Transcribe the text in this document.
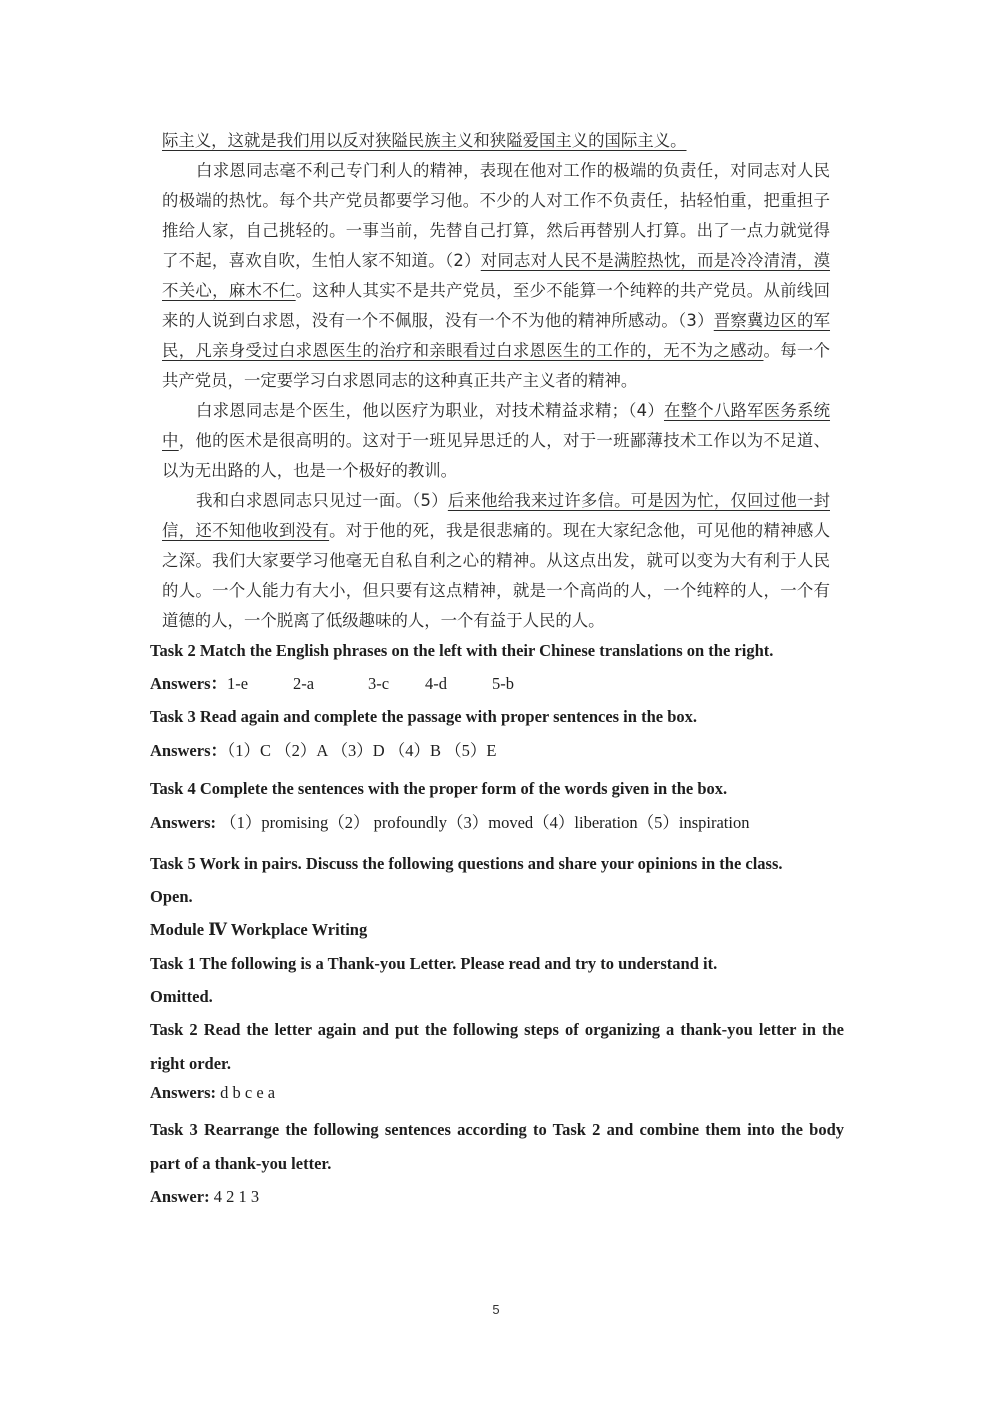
际主义，这就是我们用以反对狭隘民族主义和狭隘爱国主义的国际主义。

白求恩同志毫不利己专门利人的精神，表现在他对工作的极端的负责任，对同志对人民的极端的热忱。每个共产党员都要学习他。不少的人对工作不负责任，拈轻怕重，把重担子推给人家，自己挑轻的。一事当前，先替自己打算，然后再替别人打算。出了一点力就觉得了不起，喜欢自吹，生怕人家不知道。（2）对同志对人民不是满腔热忱，而是冷冷清清，漠不关心，麻木不仁。这种人其实不是共产党员，至少不能算一个纯粹的共产党员。从前线回来的人说到白求恩，没有一个不佩服，没有一个不为他的精神所感动。（3）晋察冀边区的军民，凡亲身受过白求恩医生的治疗和亲眼看过白求恩医生的工作的，无不为之感动。每一个共产党员，一定要学习白求恩同志的这种真正共产主义者的精神。

白求恩同志是个医生，他以医疗为职业，对技术精益求精；（4）在整个八路军医务系统中，他的医术是很高明的。这对于一班见异思迁的人，对于一班鄙薄技术工作以为不足道、以为无出路的人，也是一个极好的教训。

我和白求恩同志只见过一面。（5）后来他给我来过许多信。可是因为忙，仅回过他一封信，还不知他收到没有。对于他的死，我是很悲痛的。现在大家纪念他，可见他的精神感人之深。我们大家要学习他毫无自私自利之心的精神。从这点出发，就可以变为大有利于人民的人。一个人能力有大小，但只要有这点精神，就是一个高尚的人，一个纯粹的人，一个有道德的人，一个脱离了低级趣味的人，一个有益于人民的人。

Task 2 Match the English phrases on the left with their Chinese translations on the right.

Answers：1-e	2-a	3-c 4-d	5-b

Task 3 Read again and complete the passage with proper sentences in the box.

Answers：（1）C （2）A （3）D （4）B （5）E

Task 4 Complete the sentences with the proper form of the words given in the box.

Answers: （1）promising（2） profoundly（3）moved（4）liberation（5）inspiration

Task 5 Work in pairs. Discuss the following questions and share your opinions in the class.

Open.

Module Ⅳ Workplace Writing

Task 1 The following is a Thank-you Letter. Please read and try to understand it.

Omitted.

Task 2 Read the letter again and put the following steps of organizing a thank-you letter in the right order.

Answers: d b c e a

Task 3 Rearrange the following sentences according to Task 2 and combine them into the body part of a thank-you letter.

Answer: 4 2 1 3

5
